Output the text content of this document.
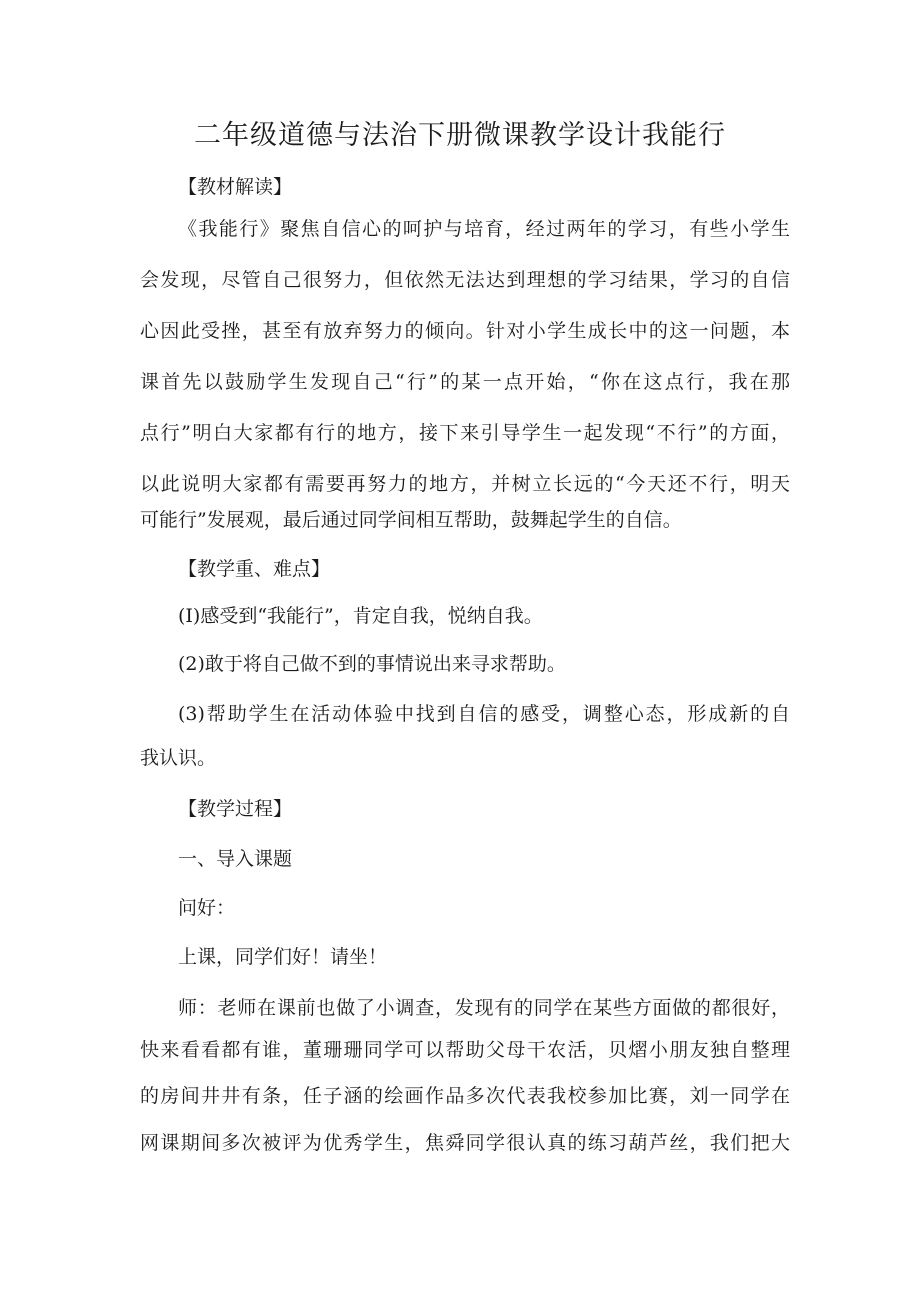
二年级道德与法治下册微课教学设计我能行

【教材解读】

《我能行》聚焦自信心的呵护与培育，经过两年的学习，有些小学生

会发现，尽管自己很努力，但依然无法达到理想的学习结果，学习的自信

心因此受挫，甚至有放弃努力的倾向。针对小学生成长中的这一问题，本

课首先以鼓励学生发现自己“行”的某一点开始，“你在这点行，我在那

点行”明白大家都有行的地方，接下来引导学生一起发现“不行”的方面，

以此说明大家都有需要再努力的地方，并树立长远的“今天还不行，明天

可能行”发展观，最后通过同学间相互帮助，鼓舞起学生的自信。

【教学重、难点】

(I)感受到“我能行”，肯定自我，悦纳自我。

(2)敢于将自己做不到的事情说出来寻求帮助。

(3)帮助学生在活动体验中找到自信的感受，调整心态，形成新的自

我认识。

【教学过程】

一、导入课题

问好：

上课，同学们好！请坐！

师：老师在课前也做了小调查，发现有的同学在某些方面做的都很好，

快来看看都有谁，董珊珊同学可以帮助父母干农活，贝熠小朋友独自整理

的房间井井有条，任子涵的绘画作品多次代表我校参加比赛，刘一同学在

网课期间多次被评为优秀学生，焦舜同学很认真的练习葫芦丝，我们把大
